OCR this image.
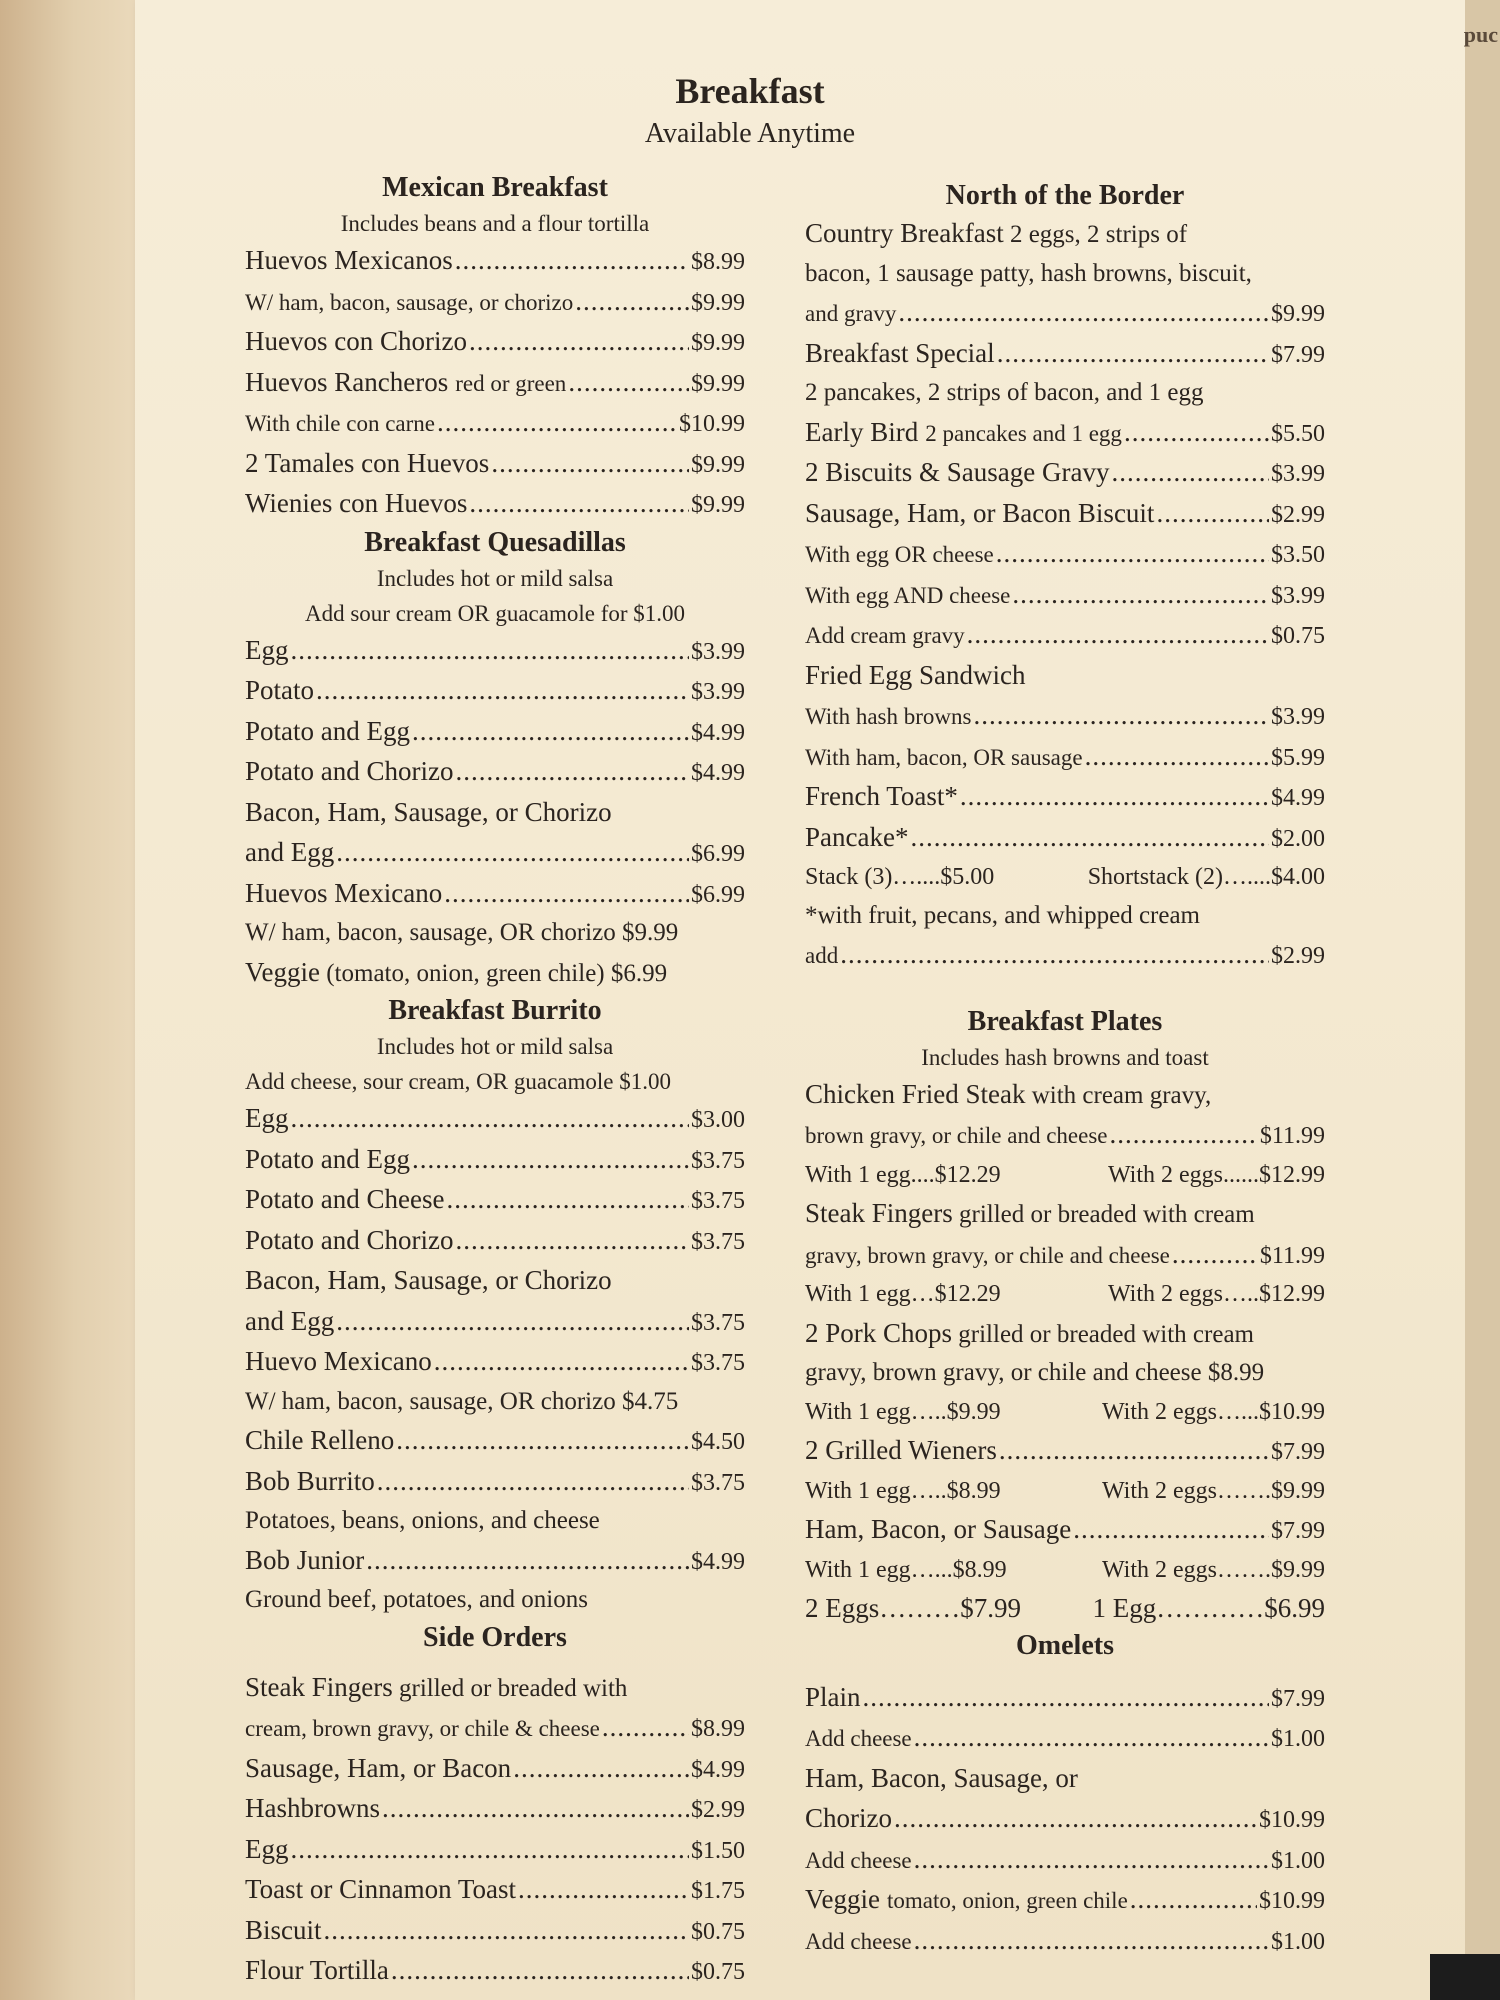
puc
Breakfast
Available Anytime
Mexican Breakfast
Includes beans and a flour tortilla
Huevos Mexicanos .....	$8.99
W/ ham, bacon, sausage, or chorizo .....	$9.99
Huevos con Chorizo .....	$9.99
Huevos Rancheros red or green .....	$9.99
With chile con carne .....	$10.99
2 Tamales con Huevos .....	$9.99
Wienies con Huevos .....	$9.99
Breakfast Quesadillas
Includes hot or mild salsa
Add sour cream OR guacamole for $1.00
Egg .....	$3.99
Potato .....	$3.99
Potato and Egg .....	$4.99
Potato and Chorizo .....	$4.99
Bacon, Ham, Sausage, or Chorizo
and Egg .....	$6.99
Huevos Mexicano .....	$6.99
W/ ham, bacon, sausage, OR chorizo $9.99
Veggie (tomato, onion, green chile) $6.99
Breakfast Burrito
Includes hot or mild salsa
Add cheese, sour cream, OR guacamole $1.00
Egg .....	$3.00
Potato and Egg .....	$3.75
Potato and Cheese .....	$3.75
Potato and Chorizo .....	$3.75
Bacon, Ham, Sausage, or Chorizo
and Egg .....	$3.75
Huevo Mexicano .....	$3.75
W/ ham, bacon, sausage, OR chorizo $4.75
Chile Relleno .....	$4.50
Bob Burrito .....	$3.75
Potatoes, beans, onions, and cheese
Bob Junior .....	$4.99
Ground beef, potatoes, and onions
Side Orders
Steak Fingers grilled or breaded with
cream, brown gravy, or chile & cheese .....	$8.99
Sausage, Ham, or Bacon .....	$4.99
Hashbrowns .....	$2.99
Egg .....	$1.50
Toast or Cinnamon Toast .....	$1.75
Biscuit .....	$0.75
Flour Tortilla .....	$0.75
North of the Border
Country Breakfast 2 eggs, 2 strips of
bacon, 1 sausage patty, hash browns, biscuit,
and gravy .....	$9.99
Breakfast Special .....	$7.99
2 pancakes, 2 strips of bacon, and 1 egg
Early Bird 2 pancakes and 1 egg .....	$5.50
2 Biscuits & Sausage Gravy .....	$3.99
Sausage, Ham, or Bacon Biscuit .....	$2.99
With egg OR cheese .....	$3.50
With egg AND cheese .....	$3.99
Add cream gravy .....	$0.75
Fried Egg Sandwich
With hash browns .....	$3.99
With ham, bacon, OR sausage .....	$5.99
French Toast* .....	$4.99
Pancake* .....	$2.00
Stack (3)…....$5.00	Shortstack (2)…....$4.00
*with fruit, pecans, and whipped cream
add .....	$2.99
Breakfast Plates
Includes hash browns and toast
Chicken Fried Steak with cream gravy,
brown gravy, or chile and cheese .....	$11.99
With 1 egg....$12.29	With 2 eggs......$12.99
Steak Fingers grilled or breaded with cream
gravy, brown gravy, or chile and cheese .....	$11.99
With 1 egg…$12.29	With 2 eggs…..$12.99
2 Pork Chops grilled or breaded with cream
gravy, brown gravy, or chile and cheese $8.99
With 1 egg…..$9.99	With 2 eggs…...$10.99
2 Grilled Wieners .....	$7.99
With 1 egg…..$8.99	With 2 eggs…….$9.99
Ham, Bacon, or Sausage .....	$7.99
With 1 egg…...$8.99	With 2 eggs…….$9.99
2 Eggs………$7.99	1 Egg…………$6.99
Omelets
Plain .....	$7.99
Add cheese .....	$1.00
Ham, Bacon, Sausage, or
Chorizo .....	$10.99
Add cheese .....	$1.00
Veggie tomato, onion, green chile .....	$10.99
Add cheese .....	$1.00
